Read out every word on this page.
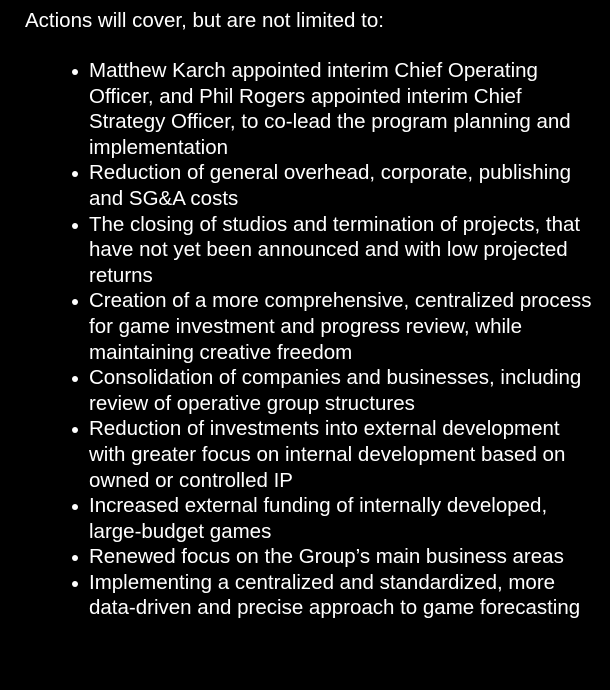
Actions will cover, but are not limited to:
Matthew Karch appointed interim Chief Operating Officer, and Phil Rogers appointed interim Chief Strategy Officer, to co-lead the program planning and implementation
Reduction of general overhead, corporate, publishing and SG&A costs
The closing of studios and termination of projects, that have not yet been announced and with low projected returns
Creation of a more comprehensive, centralized process for game investment and progress review, while maintaining creative freedom
Consolidation of companies and businesses, including review of operative group structures
Reduction of investments into external development with greater focus on internal development based on owned or controlled IP
Increased external funding of internally developed, large-budget games
Renewed focus on the Group’s main business areas
Implementing a centralized and standardized, more data-driven and precise approach to game forecasting
